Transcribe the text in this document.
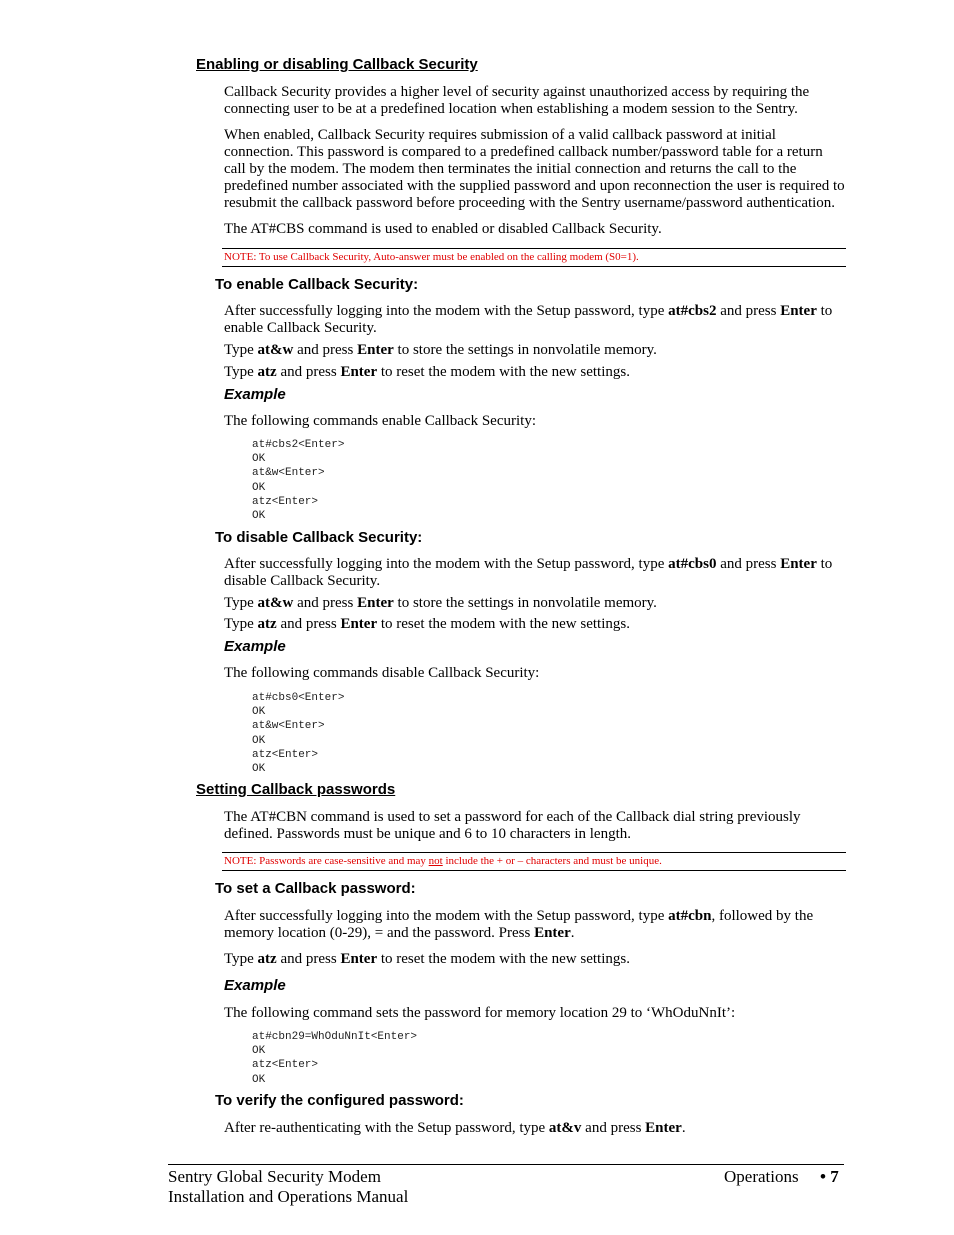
Enabling or disabling Callback Security
Callback Security provides a higher level of security against unauthorized access by requiring the connecting user to be at a predefined location when establishing a modem session to the Sentry.
When enabled, Callback Security requires submission of a valid callback password at initial connection. This password is compared to a predefined callback number/password table for a return call by the modem. The modem then terminates the initial connection and returns the call to the predefined number associated with the supplied password and upon reconnection the user is required to resubmit the callback password before proceeding with the Sentry username/password authentication.
The AT#CBS command is used to enabled or disabled Callback Security.
NOTE: To use Callback Security, Auto-answer must be enabled on the calling modem (S0=1).
To enable Callback Security:
After successfully logging into the modem with the Setup password, type at#cbs2 and press Enter to enable Callback Security.
Type at&w and press Enter to store the settings in nonvolatile memory.
Type atz and press Enter to reset the modem with the new settings.
Example
The following commands enable Callback Security:
at#cbs2<Enter>
OK
at&w<Enter>
OK
atz<Enter>
OK
To disable Callback Security:
After successfully logging into the modem with the Setup password, type at#cbs0 and press Enter to disable Callback Security.
Type at&w and press Enter to store the settings in nonvolatile memory.
Type atz and press Enter to reset the modem with the new settings.
Example
The following commands disable Callback Security:
at#cbs0<Enter>
OK
at&w<Enter>
OK
atz<Enter>
OK
Setting Callback passwords
The AT#CBN command is used to set a password for each of the Callback dial string previously defined. Passwords must be unique and 6 to 10 characters in length.
NOTE: Passwords are case-sensitive and may not include the + or – characters and must be unique.
To set a Callback password:
After successfully logging into the modem with the Setup password, type at#cbn, followed by the memory location (0-29), = and the password. Press Enter.
Type atz and press Enter to reset the modem with the new settings.
Example
The following command sets the password for memory location 29 to ‘WhOduNnIt’:
at#cbn29=WhOduNnIt<Enter>
OK
atz<Enter>
OK
To verify the configured password:
After re-authenticating with the Setup password, type at&v and press Enter.
Sentry Global Security Modem
Installation and Operations Manual
Operations • 7
